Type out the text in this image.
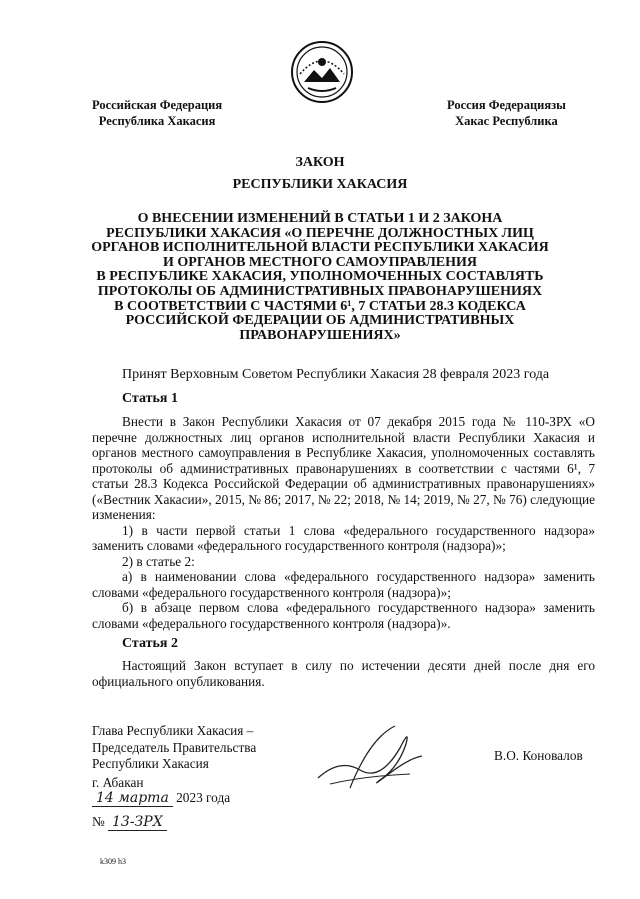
Российская Федерация
Республика Хакасия
Россия Федерациязы
Хакас Республика
ЗАКОН
РЕСПУБЛИКИ ХАКАСИЯ
О ВНЕСЕНИИ ИЗМЕНЕНИЙ В СТАТЬИ 1 И 2 ЗАКОНА
РЕСПУБЛИКИ ХАКАСИЯ «О ПЕРЕЧНЕ ДОЛЖНОСТНЫХ ЛИЦ
ОРГАНОВ ИСПОЛНИТЕЛЬНОЙ ВЛАСТИ РЕСПУБЛИКИ ХАКАСИЯ
И ОРГАНОВ МЕСТНОГО САМОУПРАВЛЕНИЯ
В РЕСПУБЛИКЕ ХАКАСИЯ, УПОЛНОМОЧЕННЫХ СОСТАВЛЯТЬ
ПРОТОКОЛЫ ОБ АДМИНИСТРАТИВНЫХ ПРАВОНАРУШЕНИЯХ
В СООТВЕТСТВИИ С ЧАСТЯМИ 6¹, 7 СТАТЬИ 28.3 КОДЕКСА
РОССИЙСКОЙ ФЕДЕРАЦИИ ОБ АДМИНИСТРАТИВНЫХ
ПРАВОНАРУШЕНИЯХ»
Принят Верховным Советом Республики Хакасия 28 февраля 2023 года
Статья 1

Внести в Закон Республики Хакасия от 07 декабря 2015 года № 110-ЗРХ «О перечне должностных лиц органов исполнительной власти Республики Хакасия и органов местного самоуправления в Республике Хакасия, уполномоченных составлять протоколы об административных правонарушениях в соответствии с частями 6¹, 7 статьи 28.3 Кодекса Российской Федерации об административных правонарушениях» («Вестник Хакасии», 2015, № 86; 2017, № 22; 2018, № 14; 2019, № 27, № 76) следующие изменения:

1) в части первой статьи 1 слова «федерального государственного надзора» заменить словами «федерального государственного контроля (надзора)»;

2) в статье 2:

а) в наименовании слова «федерального государственного надзора» заменить словами «федерального государственного контроля (надзора)»;

б) в абзаце первом слова «федерального государственного надзора» заменить словами «федерального государственного контроля (надзора)».

Статья 2

Настоящий Закон вступает в силу по истечении десяти дней после дня его официального опубликования.

Глава Республики Хакасия –
Председатель Правительства
Республики Хакасия
В.О. Коновалов
г. Абакан
14 марта 2023 года
№ 13-ЗРХ
k309 h3
